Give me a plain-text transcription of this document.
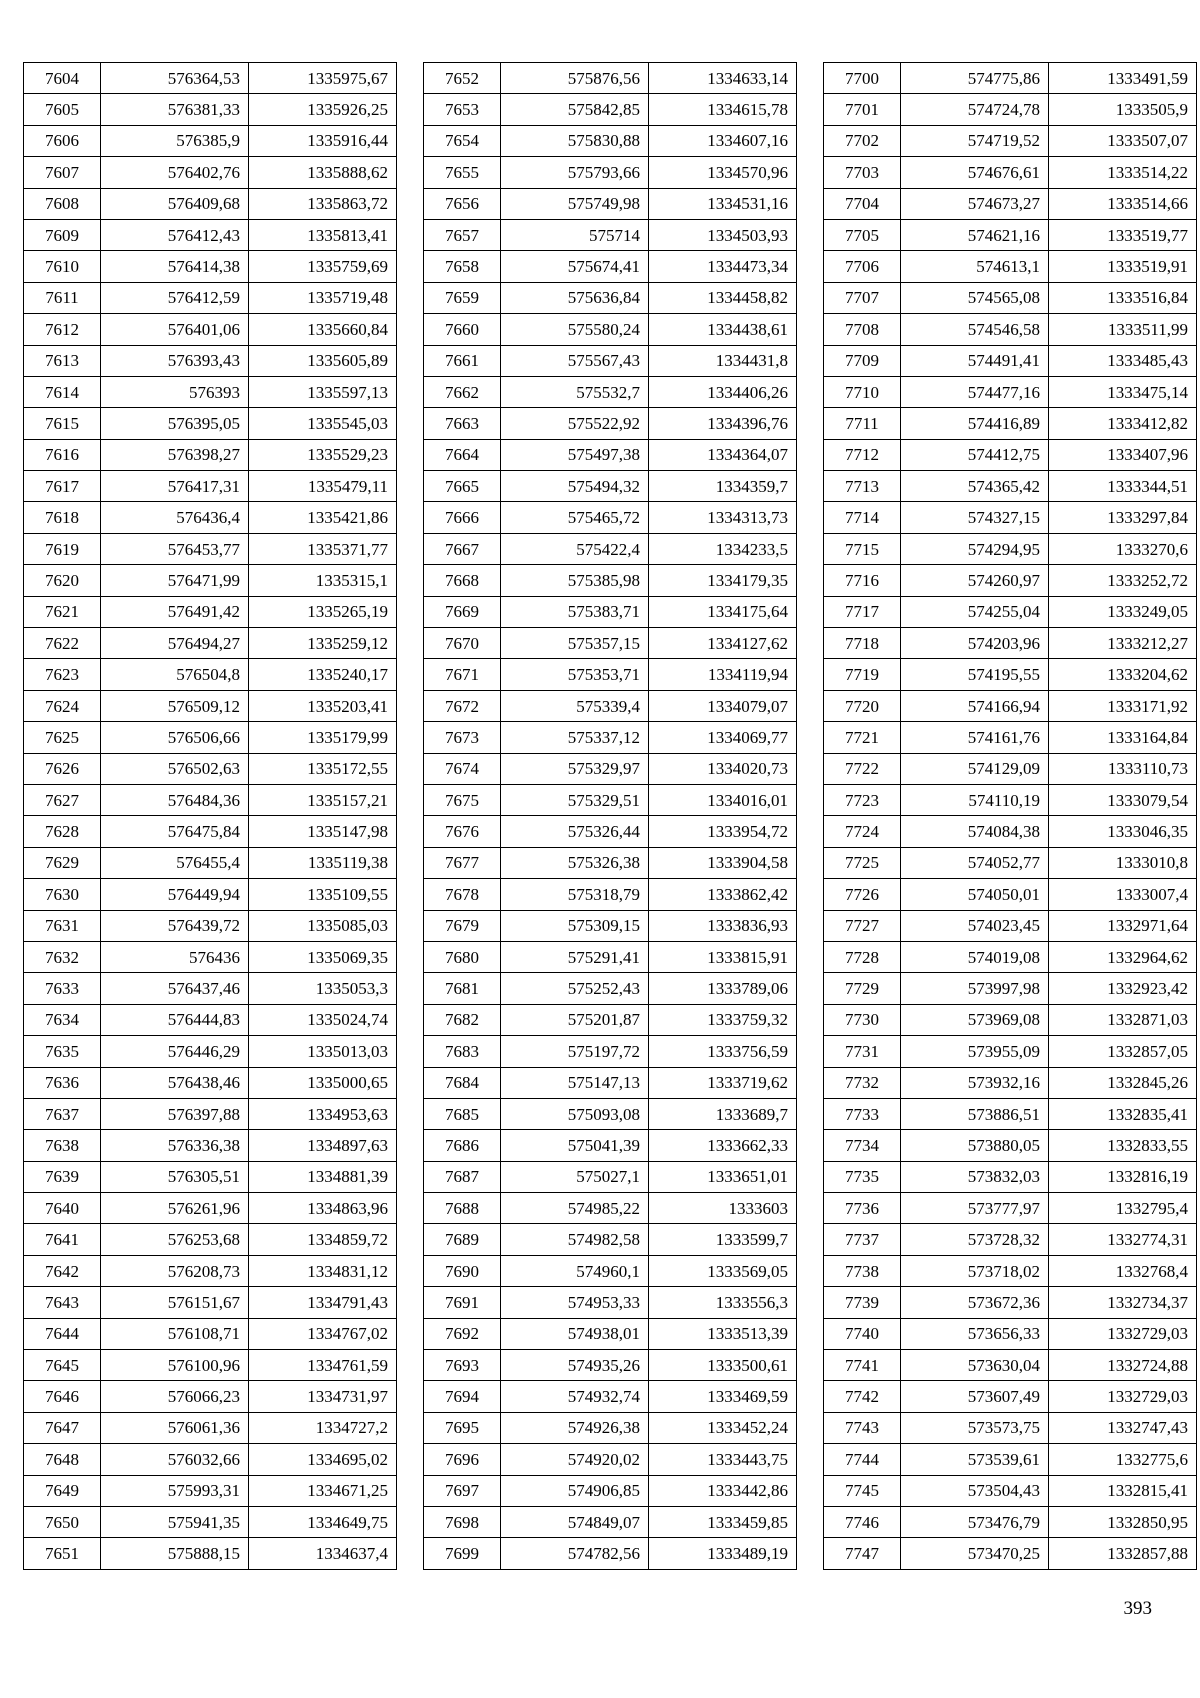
7604	576364,53	1335975,67
7605	576381,33	1335926,25
7606	576385,9	1335916,44
7607	576402,76	1335888,62
7608	576409,68	1335863,72
7609	576412,43	1335813,41
7610	576414,38	1335759,69
7611	576412,59	1335719,48
7612	576401,06	1335660,84
7613	576393,43	1335605,89
7614	576393	1335597,13
7615	576395,05	1335545,03
7616	576398,27	1335529,23
7617	576417,31	1335479,11
7618	576436,4	1335421,86
7619	576453,77	1335371,77
7620	576471,99	1335315,1
7621	576491,42	1335265,19
7622	576494,27	1335259,12
7623	576504,8	1335240,17
7624	576509,12	1335203,41
7625	576506,66	1335179,99
7626	576502,63	1335172,55
7627	576484,36	1335157,21
7628	576475,84	1335147,98
7629	576455,4	1335119,38
7630	576449,94	1335109,55
7631	576439,72	1335085,03
7632	576436	1335069,35
7633	576437,46	1335053,3
7634	576444,83	1335024,74
7635	576446,29	1335013,03
7636	576438,46	1335000,65
7637	576397,88	1334953,63
7638	576336,38	1334897,63
7639	576305,51	1334881,39
7640	576261,96	1334863,96
7641	576253,68	1334859,72
7642	576208,73	1334831,12
7643	576151,67	1334791,43
7644	576108,71	1334767,02
7645	576100,96	1334761,59
7646	576066,23	1334731,97
7647	576061,36	1334727,2
7648	576032,66	1334695,02
7649	575993,31	1334671,25
7650	575941,35	1334649,75
7651	575888,15	1334637,4
7652	575876,56	1334633,14
7653	575842,85	1334615,78
7654	575830,88	1334607,16
7655	575793,66	1334570,96
7656	575749,98	1334531,16
7657	575714	1334503,93
7658	575674,41	1334473,34
7659	575636,84	1334458,82
7660	575580,24	1334438,61
7661	575567,43	1334431,8
7662	575532,7	1334406,26
7663	575522,92	1334396,76
7664	575497,38	1334364,07
7665	575494,32	1334359,7
7666	575465,72	1334313,73
7667	575422,4	1334233,5
7668	575385,98	1334179,35
7669	575383,71	1334175,64
7670	575357,15	1334127,62
7671	575353,71	1334119,94
7672	575339,4	1334079,07
7673	575337,12	1334069,77
7674	575329,97	1334020,73
7675	575329,51	1334016,01
7676	575326,44	1333954,72
7677	575326,38	1333904,58
7678	575318,79	1333862,42
7679	575309,15	1333836,93
7680	575291,41	1333815,91
7681	575252,43	1333789,06
7682	575201,87	1333759,32
7683	575197,72	1333756,59
7684	575147,13	1333719,62
7685	575093,08	1333689,7
7686	575041,39	1333662,33
7687	575027,1	1333651,01
7688	574985,22	1333603
7689	574982,58	1333599,7
7690	574960,1	1333569,05
7691	574953,33	1333556,3
7692	574938,01	1333513,39
7693	574935,26	1333500,61
7694	574932,74	1333469,59
7695	574926,38	1333452,24
7696	574920,02	1333443,75
7697	574906,85	1333442,86
7698	574849,07	1333459,85
7699	574782,56	1333489,19
7700	574775,86	1333491,59
7701	574724,78	1333505,9
7702	574719,52	1333507,07
7703	574676,61	1333514,22
7704	574673,27	1333514,66
7705	574621,16	1333519,77
7706	574613,1	1333519,91
7707	574565,08	1333516,84
7708	574546,58	1333511,99
7709	574491,41	1333485,43
7710	574477,16	1333475,14
7711	574416,89	1333412,82
7712	574412,75	1333407,96
7713	574365,42	1333344,51
7714	574327,15	1333297,84
7715	574294,95	1333270,6
7716	574260,97	1333252,72
7717	574255,04	1333249,05
7718	574203,96	1333212,27
7719	574195,55	1333204,62
7720	574166,94	1333171,92
7721	574161,76	1333164,84
7722	574129,09	1333110,73
7723	574110,19	1333079,54
7724	574084,38	1333046,35
7725	574052,77	1333010,8
7726	574050,01	1333007,4
7727	574023,45	1332971,64
7728	574019,08	1332964,62
7729	573997,98	1332923,42
7730	573969,08	1332871,03
7731	573955,09	1332857,05
7732	573932,16	1332845,26
7733	573886,51	1332835,41
7734	573880,05	1332833,55
7735	573832,03	1332816,19
7736	573777,97	1332795,4
7737	573728,32	1332774,31
7738	573718,02	1332768,4
7739	573672,36	1332734,37
7740	573656,33	1332729,03
7741	573630,04	1332724,88
7742	573607,49	1332729,03
7743	573573,75	1332747,43
7744	573539,61	1332775,6
7745	573504,43	1332815,41
7746	573476,79	1332850,95
7747	573470,25	1332857,88
393
